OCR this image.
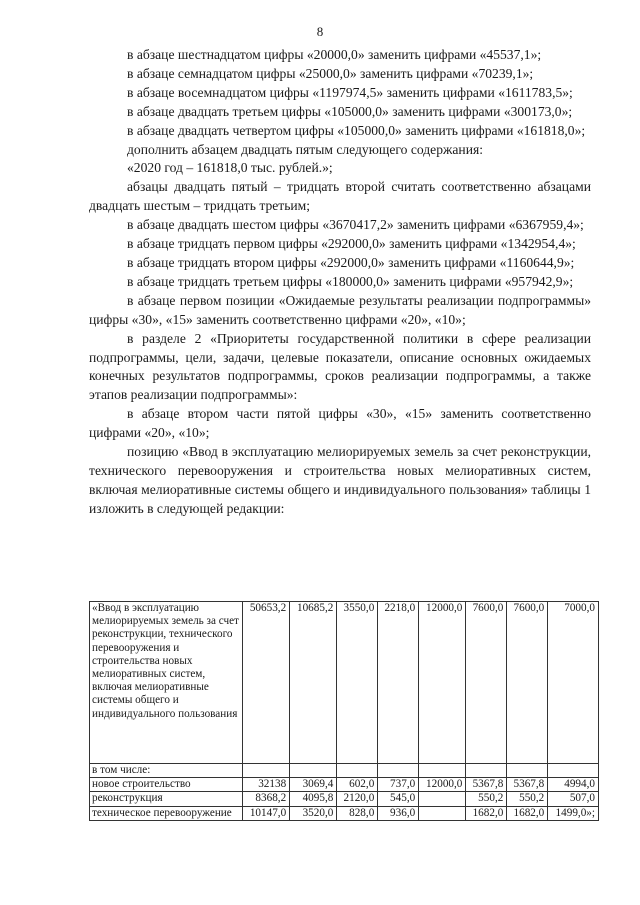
8

в абзаце шестнадцатом цифры «20000,0» заменить цифрами «45537,1»;

в абзаце семнадцатом цифры «25000,0» заменить цифрами «70239,1»;

в абзаце восемнадцатом цифры «1197974,5» заменить цифрами «1611783,5»;

в абзаце двадцать третьем цифры «105000,0» заменить цифрами «300173,0»;

в абзаце двадцать четвертом цифры «105000,0» заменить цифрами «161818,0»;

дополнить абзацем двадцать пятым следующего содержания:

«2020 год – 161818,0 тыс. рублей.»;

абзацы двадцать пятый – тридцать второй считать соответственно абзацами двадцать шестым – тридцать третьим;

в абзаце двадцать шестом цифры «3670417,2» заменить цифрами «6367959,4»;

в абзаце тридцать первом цифры «292000,0» заменить цифрами «1342954,4»;

в абзаце тридцать втором цифры «292000,0» заменить цифрами «1160644,9»;

в абзаце тридцать третьем цифры «180000,0» заменить цифрами «957942,9»;

в абзаце первом позиции «Ожидаемые результаты реализации подпрограммы» цифры «30», «15» заменить соответственно цифрами «20», «10»;

в разделе 2 «Приоритеты государственной политики в сфере реализации подпрограммы, цели, задачи, целевые показатели, описание основных ожидаемых конечных результатов подпрограммы, сроков реализации подпрограммы, а также этапов реализации подпрограммы»:

в абзаце втором части пятой цифры «30», «15» заменить соответственно цифрами «20», «10»;

позицию «Ввод в эксплуатацию мелиорируемых земель за счет реконструкции, технического перевооружения и строительства новых мелиоративных систем, включая мелиоративные системы общего и индивидуального пользования» таблицы 1 изложить в следующей редакции:

«Ввод в эксплуатацию мелиорируемых земель за счет реконструкции, технического перевооружения и строительства новых мелиоративных систем, включая мелиоративные системы общего и индивидуального пользования	50653,2	10685,2	3550,0	2218,0	12000,0	7600,0	7600,0	7000,0
в том числе:								
новое строительство	32138	3069,4	602,0	737,0	12000,0	5367,8	5367,8	4994,0
реконструкция	8368,2	4095,8	2120,0	545,0		550,2	550,2	507,0
техническое перевооружение	10147,0	3520,0	828,0	936,0		1682,0	1682,0	1499,0»;
